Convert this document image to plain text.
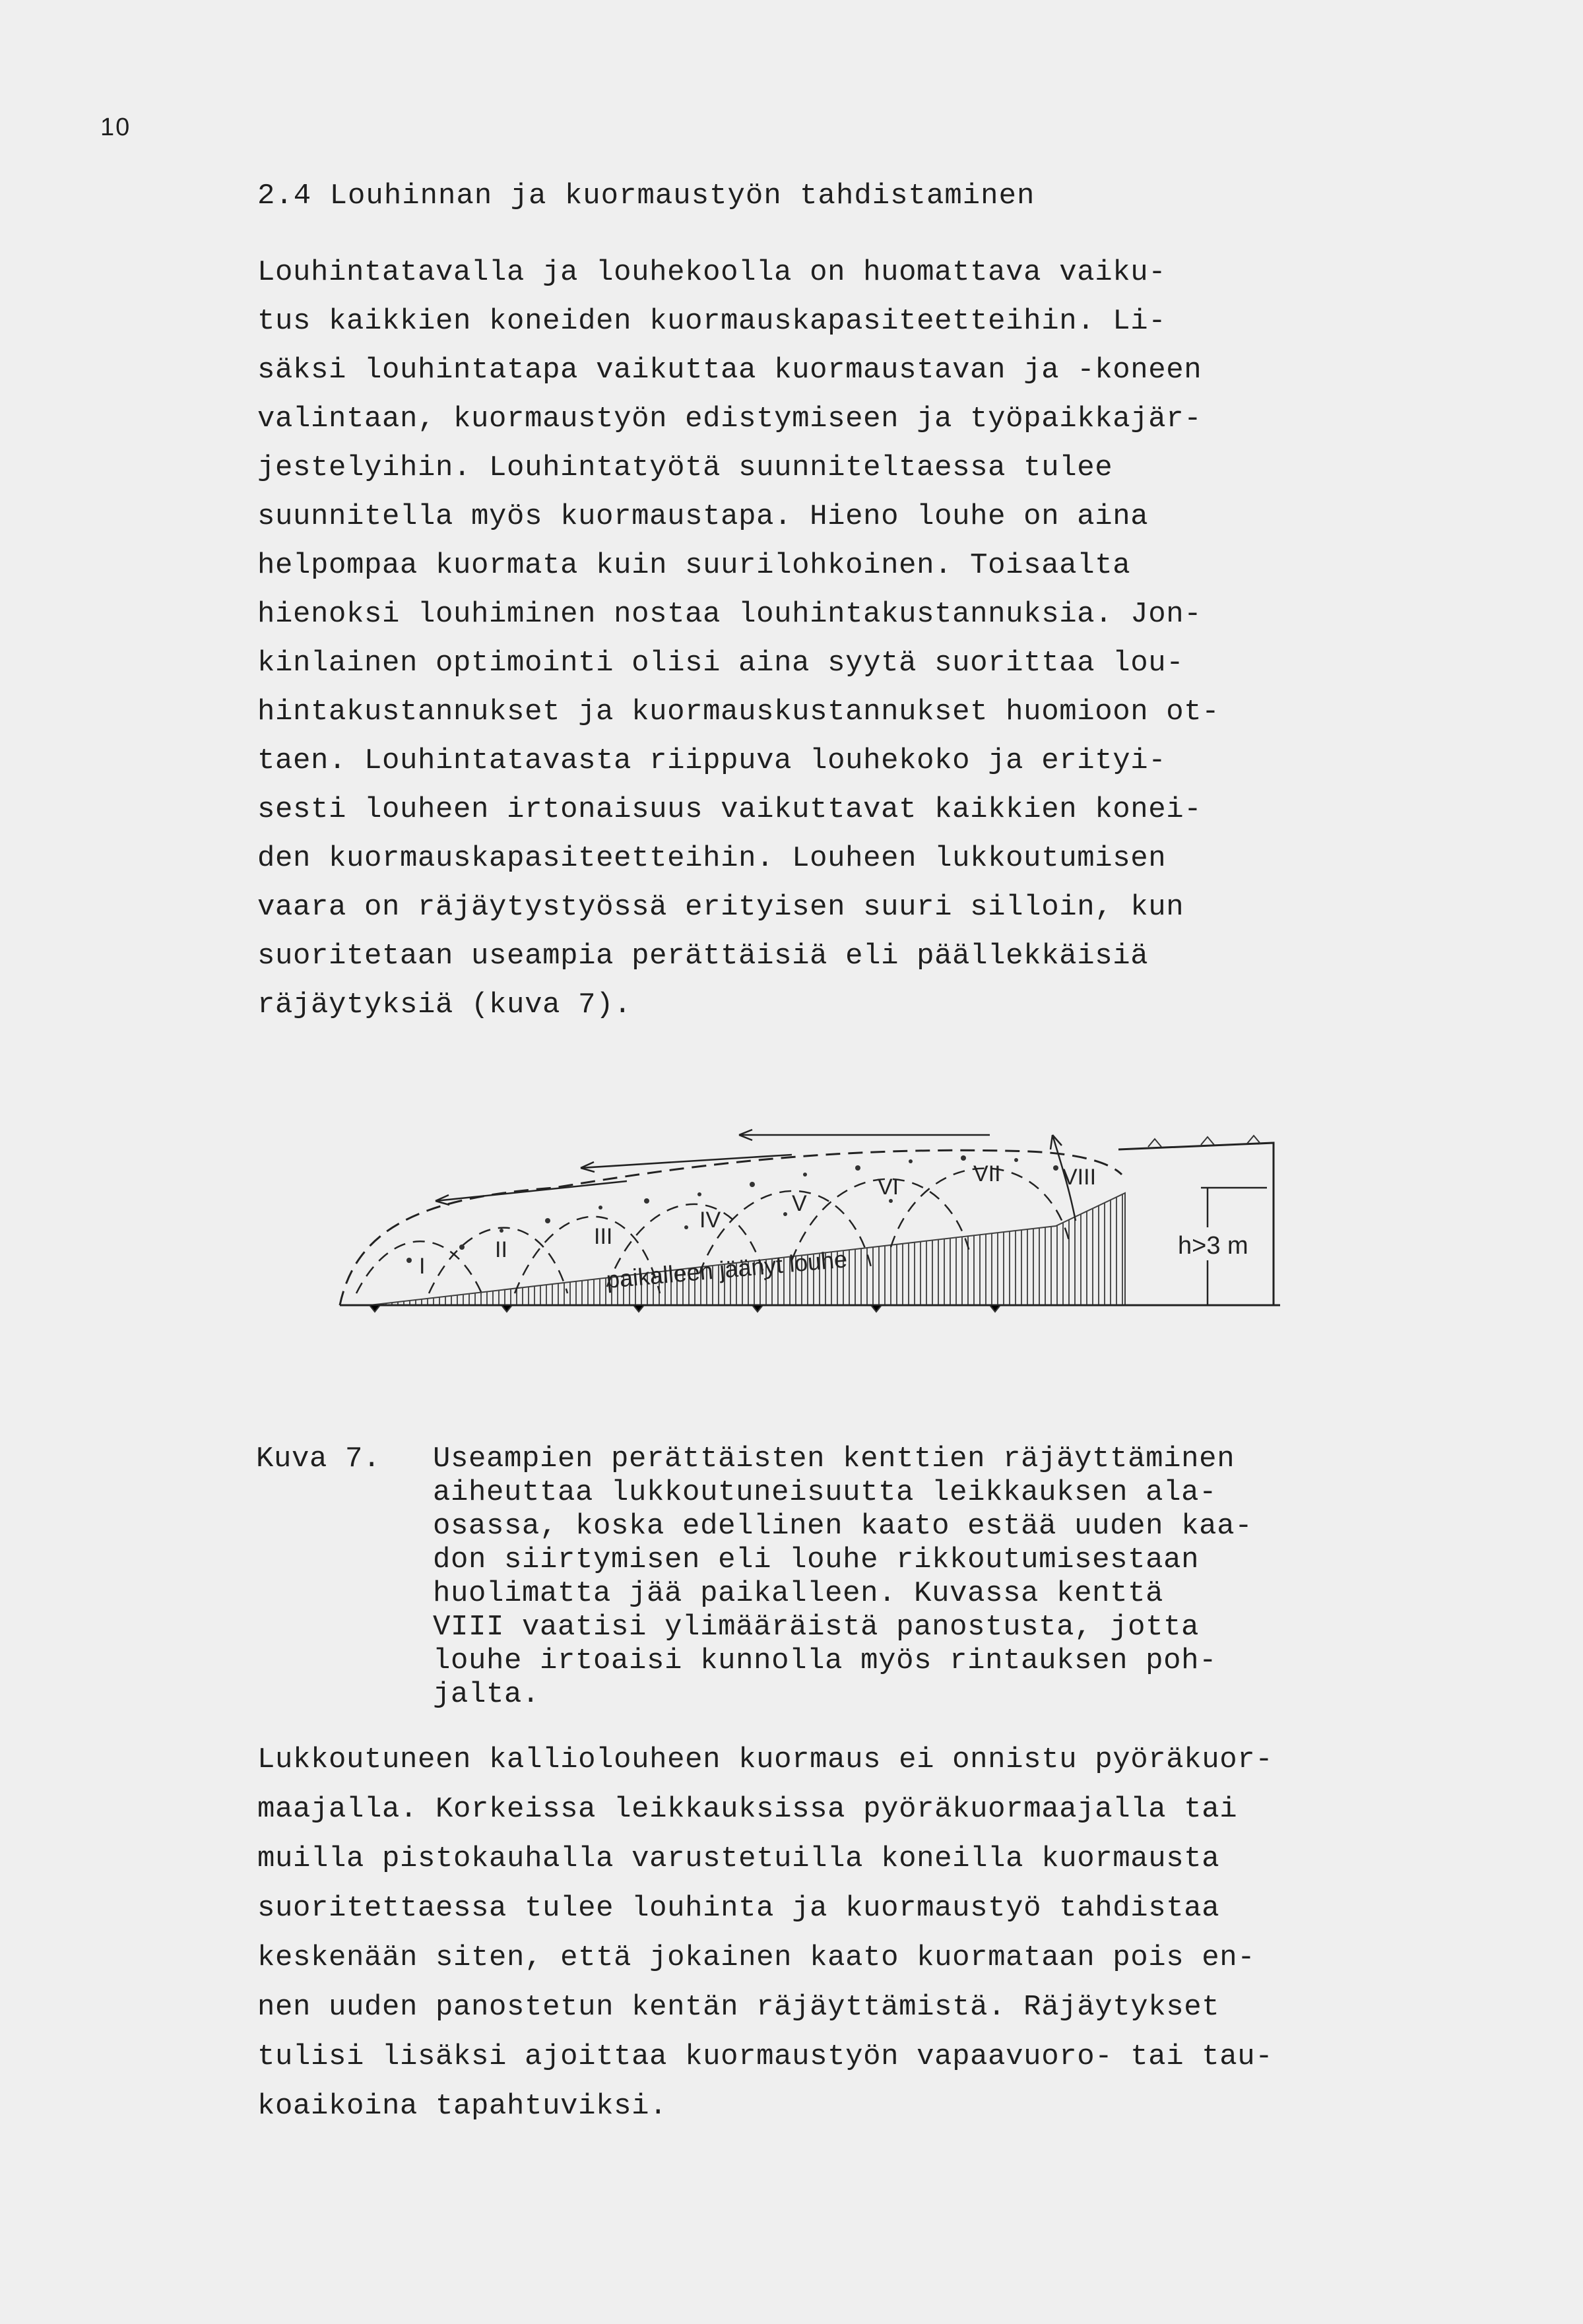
10
2.4 Louhinnan ja kuormaustyön tahdistaminen
Louhintatavalla ja louhekoolla on huomattava vaiku-
tus kaikkien koneiden kuormauskapasiteetteihin. Li-
säksi louhintatapa vaikuttaa kuormaustavan ja -koneen
valintaan, kuormaustyön edistymiseen ja työpaikkajär-
jestelyihin. Louhintatyötä suunniteltaessa tulee
suunnitella myös kuormaustapa. Hieno louhe on aina
helpompaa kuormata kuin suurilohkoinen. Toisaalta
hienoksi louhiminen nostaa louhintakustannuksia. Jon-
kinlainen optimointi olisi aina syytä suorittaa lou-
hintakustannukset ja kuormauskustannukset huomioon ot-
taen. Louhintatavasta riippuva louhekoko ja erityi-
sesti louheen irtonaisuus vaikuttavat kaikkien konei-
den kuormauskapasiteetteihin. Louheen lukkoutumisen
vaara on räjäytystyössä erityisen suuri silloin, kun
suoritetaan useampia perättäisiä eli päällekkäisiä
räjäytyksiä (kuva 7).
I
II
III
IV
V
VI
VII	VIII
paikalleen jäänyt louhe	h>3 m
Kuva 7. Useampien perättäisten kenttien räjäyttäminen
aiheuttaa lukkoutuneisuutta leikkauksen ala-
osassa, koska edellinen kaato estää uuden kaa-
don siirtymisen eli louhe rikkoutumisestaan
huolimatta jää paikalleen. Kuvassa kenttä
VIII vaatisi ylimääräistä panostusta, jotta
louhe irtoaisi kunnolla myös rintauksen poh-
jalta.
Lukkoutuneen kalliolouheen kuormaus ei onnistu pyöräkuor-
maajalla. Korkeissa leikkauksissa pyöräkuormaajalla tai
muilla pistokauhalla varustetuilla koneilla kuormausta
suoritettaessa tulee louhinta ja kuormaustyö tahdistaa
keskenään siten, että jokainen kaato kuormataan pois en-
nen uuden panostetun kentän räjäyttämistä. Räjäytykset
tulisi lisäksi ajoittaa kuormaustyön vapaavuoro- tai tau-
koaikoina tapahtuviksi.
